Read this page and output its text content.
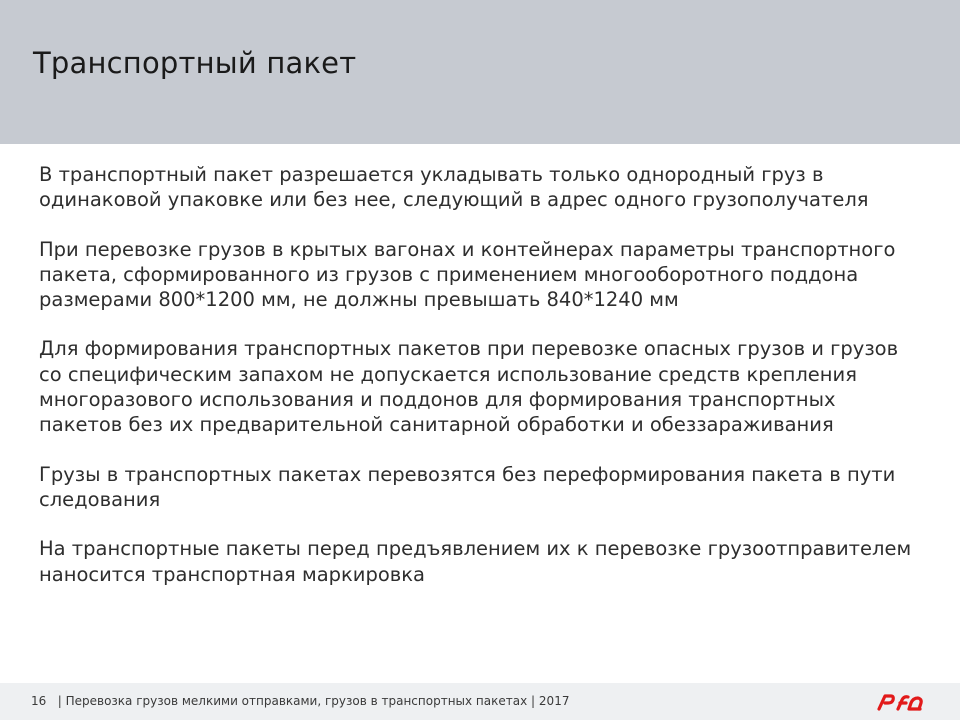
Транспортный пакет

В транспортный пакет разрешается укладывать только однородный груз в одинаковой упаковке или без нее, следующий в адрес одного грузополучателя

При перевозке грузов в крытых вагонах и контейнерах параметры транспортного пакета, сформированного из грузов с применением многооборотного поддона размерами 800*1200 мм, не должны превышать 840*1240 мм

Для формирования транспортных пакетов при перевозке опасных грузов и грузов со специфическим запахом не допускается использование средств крепления многоразового использования и поддонов для формирования транспортных пакетов без их предварительной санитарной обработки и обеззараживания

Грузы в транспортных пакетах перевозятся без переформирования пакета в пути следования

На транспортные пакеты перед предъявлением их к перевозке грузоотправителем наносится транспортная маркировка

16 | Перевозка грузов мелкими отправками, грузов в транспортных пакетах | 2017
